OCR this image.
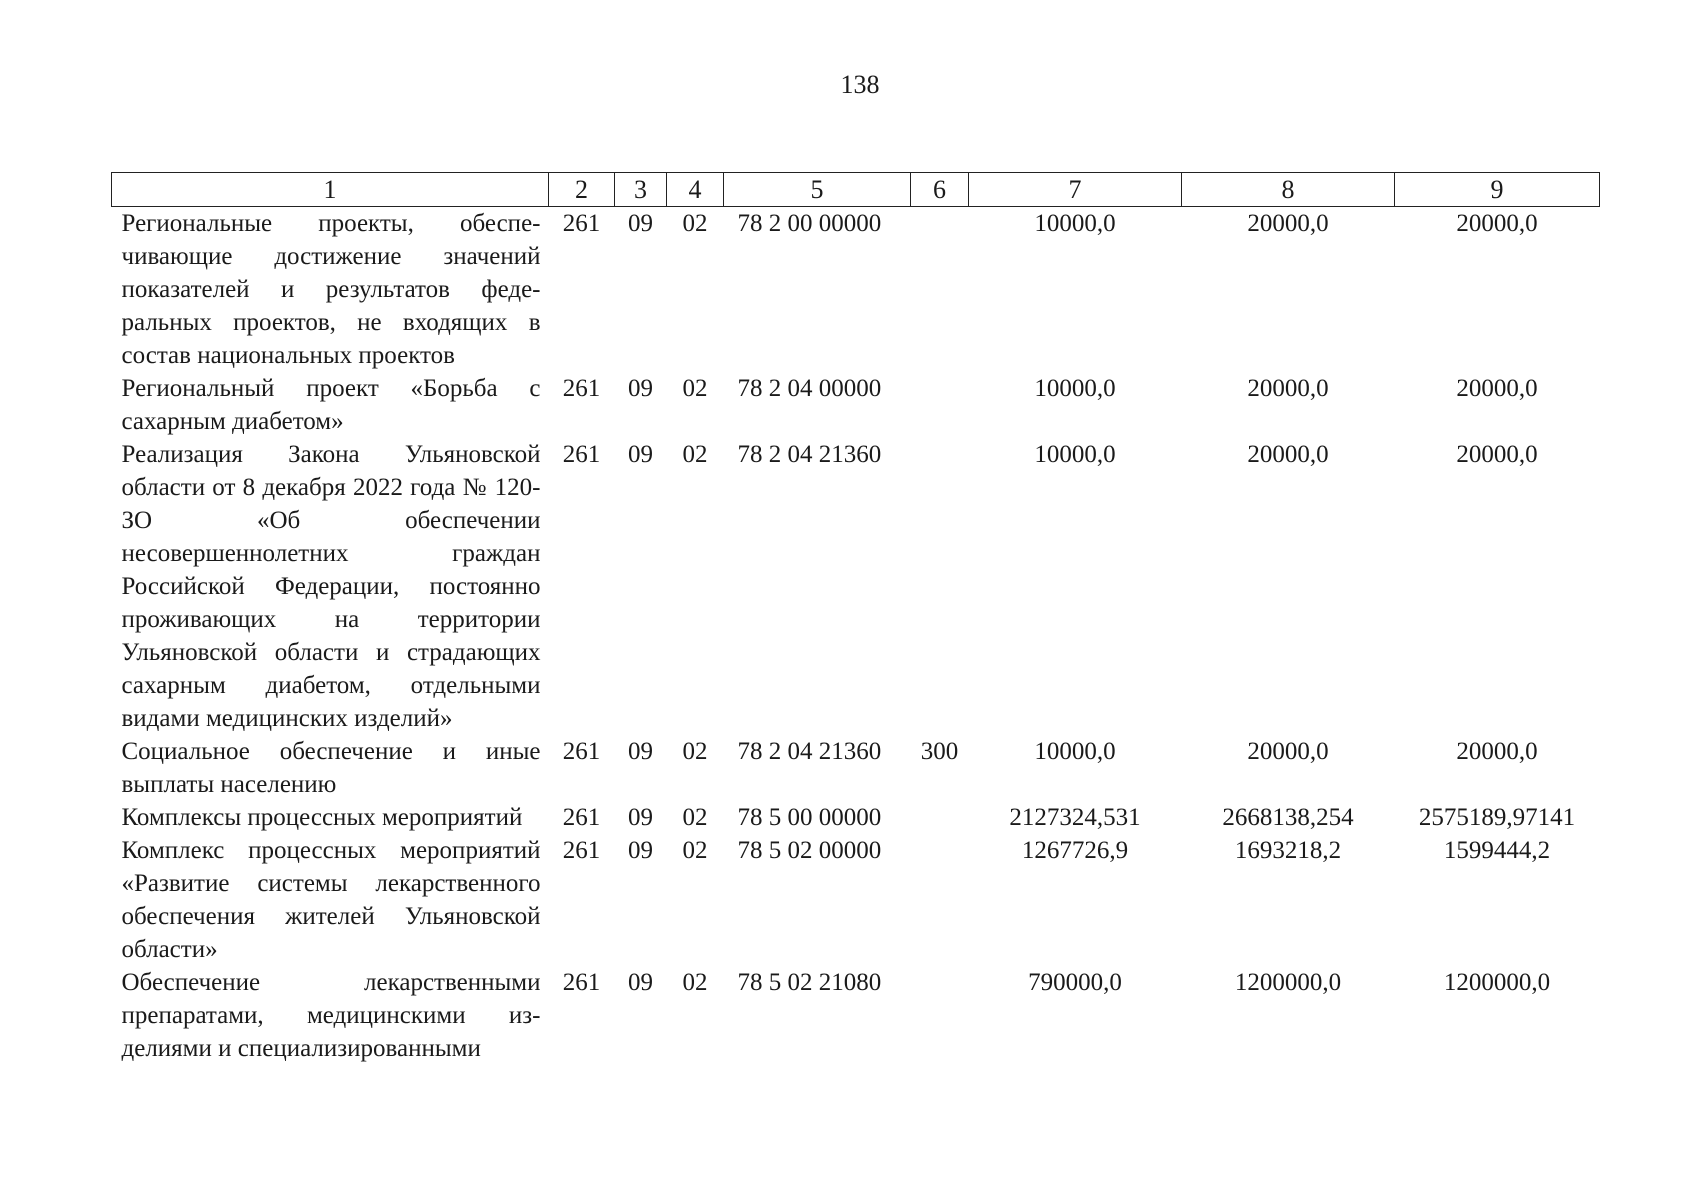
138
1	2	3	4	5	6	7	8	9
Региональные проекты, обеспечивающие достижение значений показателей и результатов федеральных проектов, не входящих в состав национальных проектов	261	09	02	78 2 00 00000		10000,0	20000,0	20000,0
Региональный проект «Борьба с сахарным диабетом»	261	09	02	78 2 04 00000		10000,0	20000,0	20000,0
Реализация Закона Ульяновской области от 8 декабря 2022 года № 120-ЗО «Об обеспечении несовершеннолетних граждан Российской Федерации, постоянно проживающих на территории Ульяновской области и страдающих сахарным диабетом, отдельными видами медицинских изделий»	261	09	02	78 2 04 21360		10000,0	20000,0	20000,0
Социальное обеспечение и иные выплаты населению	261	09	02	78 2 04 21360	300	10000,0	20000,0	20000,0
Комплексы процессных мероприятий	261	09	02	78 5 00 00000		2127324,531	2668138,254	2575189,97141
Комплекс процессных мероприятий «Развитие системы лекарственного обеспечения жителей Ульяновской области»	261	09	02	78 5 02 00000		1267726,9	1693218,2	1599444,2
Обеспечение лекарственными препаратами, медицинскими изделиями и специализированными	261	09	02	78 5 02 21080		790000,0	1200000,0	1200000,0
